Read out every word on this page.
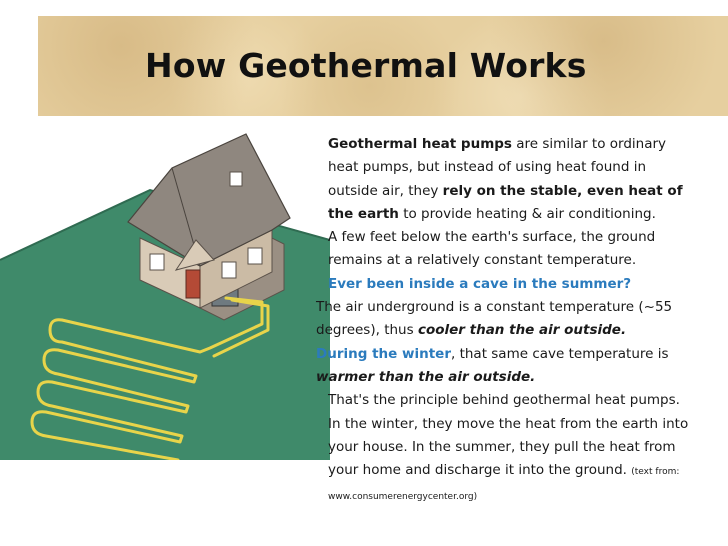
How Geothermal Works

Geothermal heat pumps are similar to ordinary heat pumps, but instead of using heat found in outside air, they rely on the stable, even heat of the earth to provide heating & air conditioning.

A few feet below the earth's surface, the ground remains at a relatively constant temperature.

Ever been inside a cave in the summer?

The air underground is a constant temperature (~55 degrees), thus cooler than the air outside.

During the winter, that same cave temperature is warmer than the air outside.

That's the principle behind geothermal heat pumps. In the winter, they move the heat from the earth into your house. In the summer, they pull the heat from your home and discharge it into the ground. (text from: www.consumerenergycenter.org)
